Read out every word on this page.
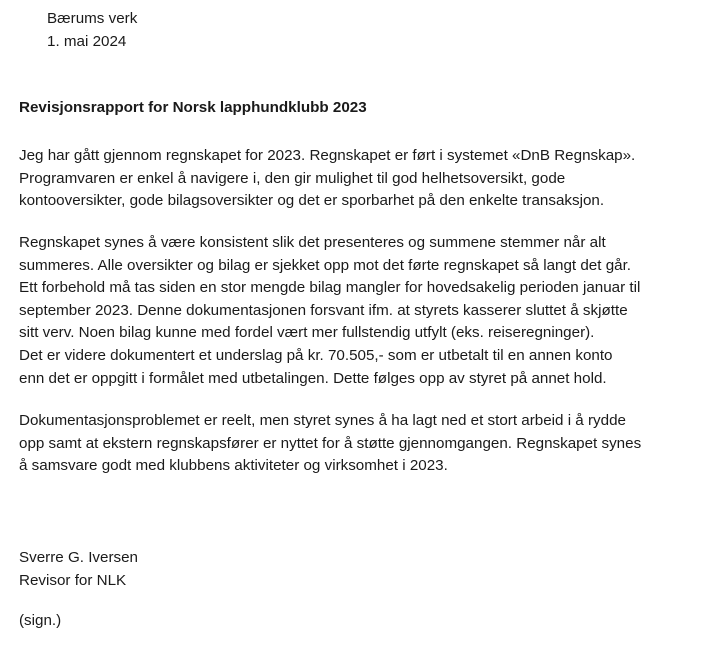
Bærums verk
1. mai 2024
Revisjonsrapport for Norsk lapphundklubb 2023
Jeg har gått gjennom regnskapet for 2023. Regnskapet er ført i systemet «DnB Regnskap».
Programvaren er enkel å navigere i, den gir mulighet til god helhetsoversikt, gode
kontooversikter, gode bilagsoversikter og det er sporbarhet på den enkelte transaksjon.
Regnskapet synes å være konsistent slik det presenteres og summene stemmer når alt
summeres. Alle oversikter og bilag er sjekket opp mot det førte regnskapet så langt det går.
Ett forbehold må tas siden en stor mengde bilag mangler for hovedsakelig perioden januar til
september 2023. Denne dokumentasjonen forsvant ifm. at styrets kasserer sluttet å skjøtte
sitt verv. Noen bilag kunne med fordel vært mer fullstendig utfylt (eks. reiseregninger).
Det er videre dokumentert et underslag på kr. 70.505,- som er utbetalt til en annen konto
enn det er oppgitt i formålet med utbetalingen. Dette følges opp av styret på annet hold.
Dokumentasjonsproblemet er reelt, men styret synes å ha lagt ned et stort arbeid i å rydde
opp samt at ekstern regnskapsfører er nyttet for å støtte gjennomgangen. Regnskapet synes
å samsvare godt med klubbens aktiviteter og virksomhet i 2023.
Sverre G. Iversen
Revisor for NLK
(sign.)
